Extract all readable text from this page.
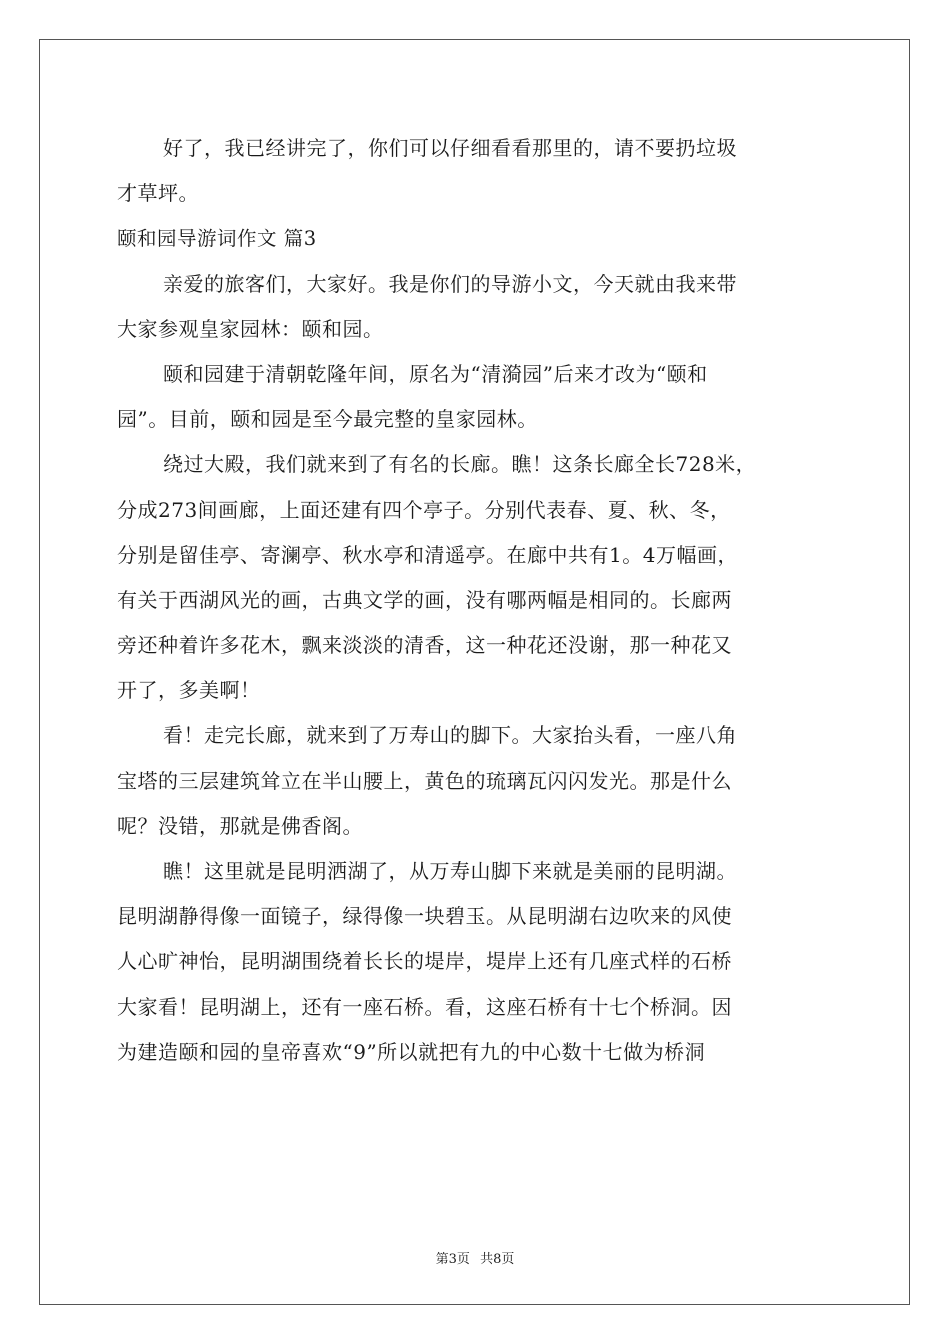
好了，我已经讲完了，你们可以仔细看看那里的，请不要扔垃圾
才草坪。
颐和园导游词作文 篇3
亲爱的旅客们，大家好。我是你们的导游小文，今天就由我来带
大家参观皇家园林：颐和园。
颐和园建于清朝乾隆年间，原名为“清漪园”后来才改为“颐和
园”。目前，颐和园是至今最完整的皇家园林。
绕过大殿，我们就来到了有名的长廊。瞧！这条长廊全长728米，
分成273间画廊，上面还建有四个亭子。分别代表春、夏、秋、冬，
分别是留佳亭、寄澜亭、秋水亭和清遥亭。在廊中共有1。4万幅画，
有关于西湖风光的画，古典文学的画，没有哪两幅是相同的。长廊两
旁还种着许多花木，飘来淡淡的清香，这一种花还没谢，那一种花又
开了，多美啊！
看！走完长廊，就来到了万寿山的脚下。大家抬头看，一座八角
宝塔的三层建筑耸立在半山腰上，黄色的琉璃瓦闪闪发光。那是什么
呢？没错，那就是佛香阁。
瞧！这里就是昆明洒湖了，从万寿山脚下来就是美丽的昆明湖。
昆明湖静得像一面镜子，绿得像一块碧玉。从昆明湖右边吹来的风使
人心旷神怡，昆明湖围绕着长长的堤岸，堤岸上还有几座式样的石桥
大家看！昆明湖上，还有一座石桥。看，这座石桥有十七个桥洞。因
为建造颐和园的皇帝喜欢“9”所以就把有九的中心数十七做为桥洞
第3页 共8页
